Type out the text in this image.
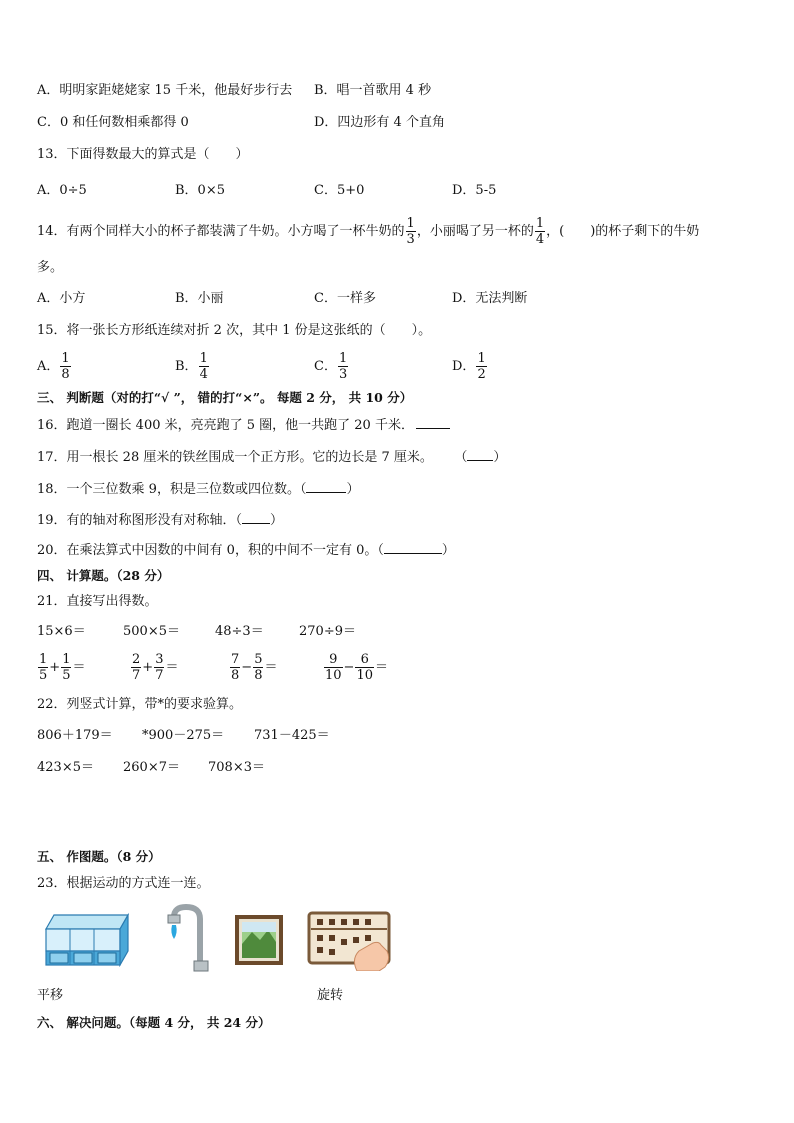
A．明明家距姥姥家 15 千米，他最好步行去 B．唱一首歌用 4 秒
C．0 和任何数相乘都得 0	D．四边形有 4 个直角
13．下面得数最大的算式是（　　）
A．0÷5	B．0×5	C．5+0	D．5-5
14．有两个同样大小的杯子都装满了牛奶。小方喝了一杯牛奶的 $\frac{1}{3}$ ，小丽喝了另一杯的 $\frac{1}{4}$ ，(　　)的杯子剩下的牛奶
多。
A．小方	B．小丽	C．一样多	D．无法判断
15．将一张长方形纸连续对折 2 次，其中 1 份是这张纸的（　　）。
A． $\frac{1}{8}$	B． $\frac{1}{4}$	C． $\frac{1}{3}$	D． $\frac{1}{2}$
三、 判断题（对的打“√ ”， 错的打“×”。 每题 2 分， 共 10 分）
16．跑道一圈长 400 米，亮亮跑了 5 圈，他一共跑了 20 千米．
17．用一根长 28 厘米的铁丝围成一个正方形。它的边长是 7 厘米。 （ ）
18．一个三位数乘 9，积是三位数或四位数。（	）
19．有的轴对称图形没有对称轴．（ ）
20．在乘法算式中因数的中间有 0，积的中间不一定有 0。（	）
四、 计算题。（28 分）
21．直接写出得数。
15×6＝	500×5＝	48÷3＝	270÷9＝
$\frac{1}{5} + \frac{1}{5}$ ＝	$\frac{2}{7} + \frac{3}{7}$ ＝	$\frac{7}{8} - \frac{5}{8}$ ＝	$\frac{9}{10} - \frac{6}{10}$ ＝
22．列竖式计算，带*的要求验算。
806＋179＝ *900－275＝ 731－425＝
423×5＝ 260×7＝ 708×3＝
五、 作图题。（8 分）
23．根据运动的方式连一连。
平移	旋转
六、 解决问题。（每题 4 分， 共 24 分）
